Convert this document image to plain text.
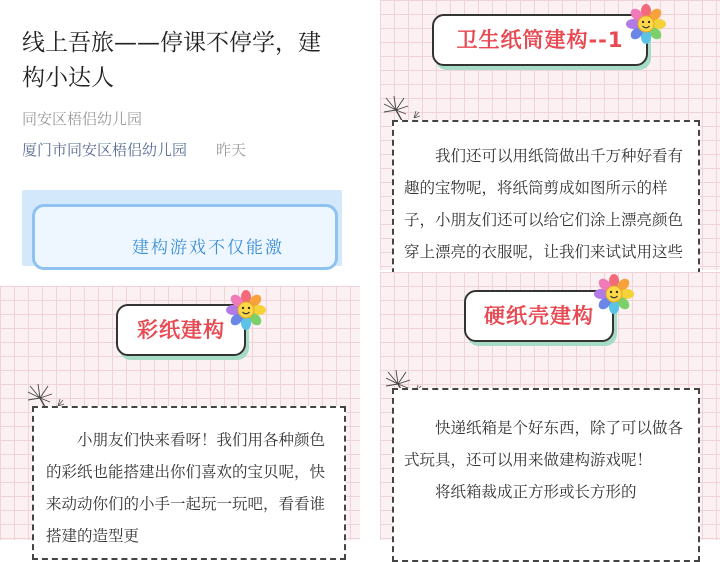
线上吾旅——停课不停学，建构小达人
同安区梧侣幼儿园
厦门市同安区梧侣幼儿园 昨天
建构游戏不仅能激
卫生纸筒建构--1
我们还可以用纸筒做出千万种好看有趣的宝物呢，将纸筒剪成如图所示的样子，小朋友们还可以给它们涂上漂亮颜色穿上漂亮的衣服呢，让我们来试试用这些
彩纸建构
小朋友们快来看呀！我们用各种颜色的彩纸也能搭建出你们喜欢的宝贝呢，快来动动你们的小手一起玩一玩吧，看看谁搭建的造型更
硬纸壳建构

快递纸箱是个好东西，除了可以做各式玩具，还可以用来做建构游戏呢！

将纸箱裁成正方形或长方形的
